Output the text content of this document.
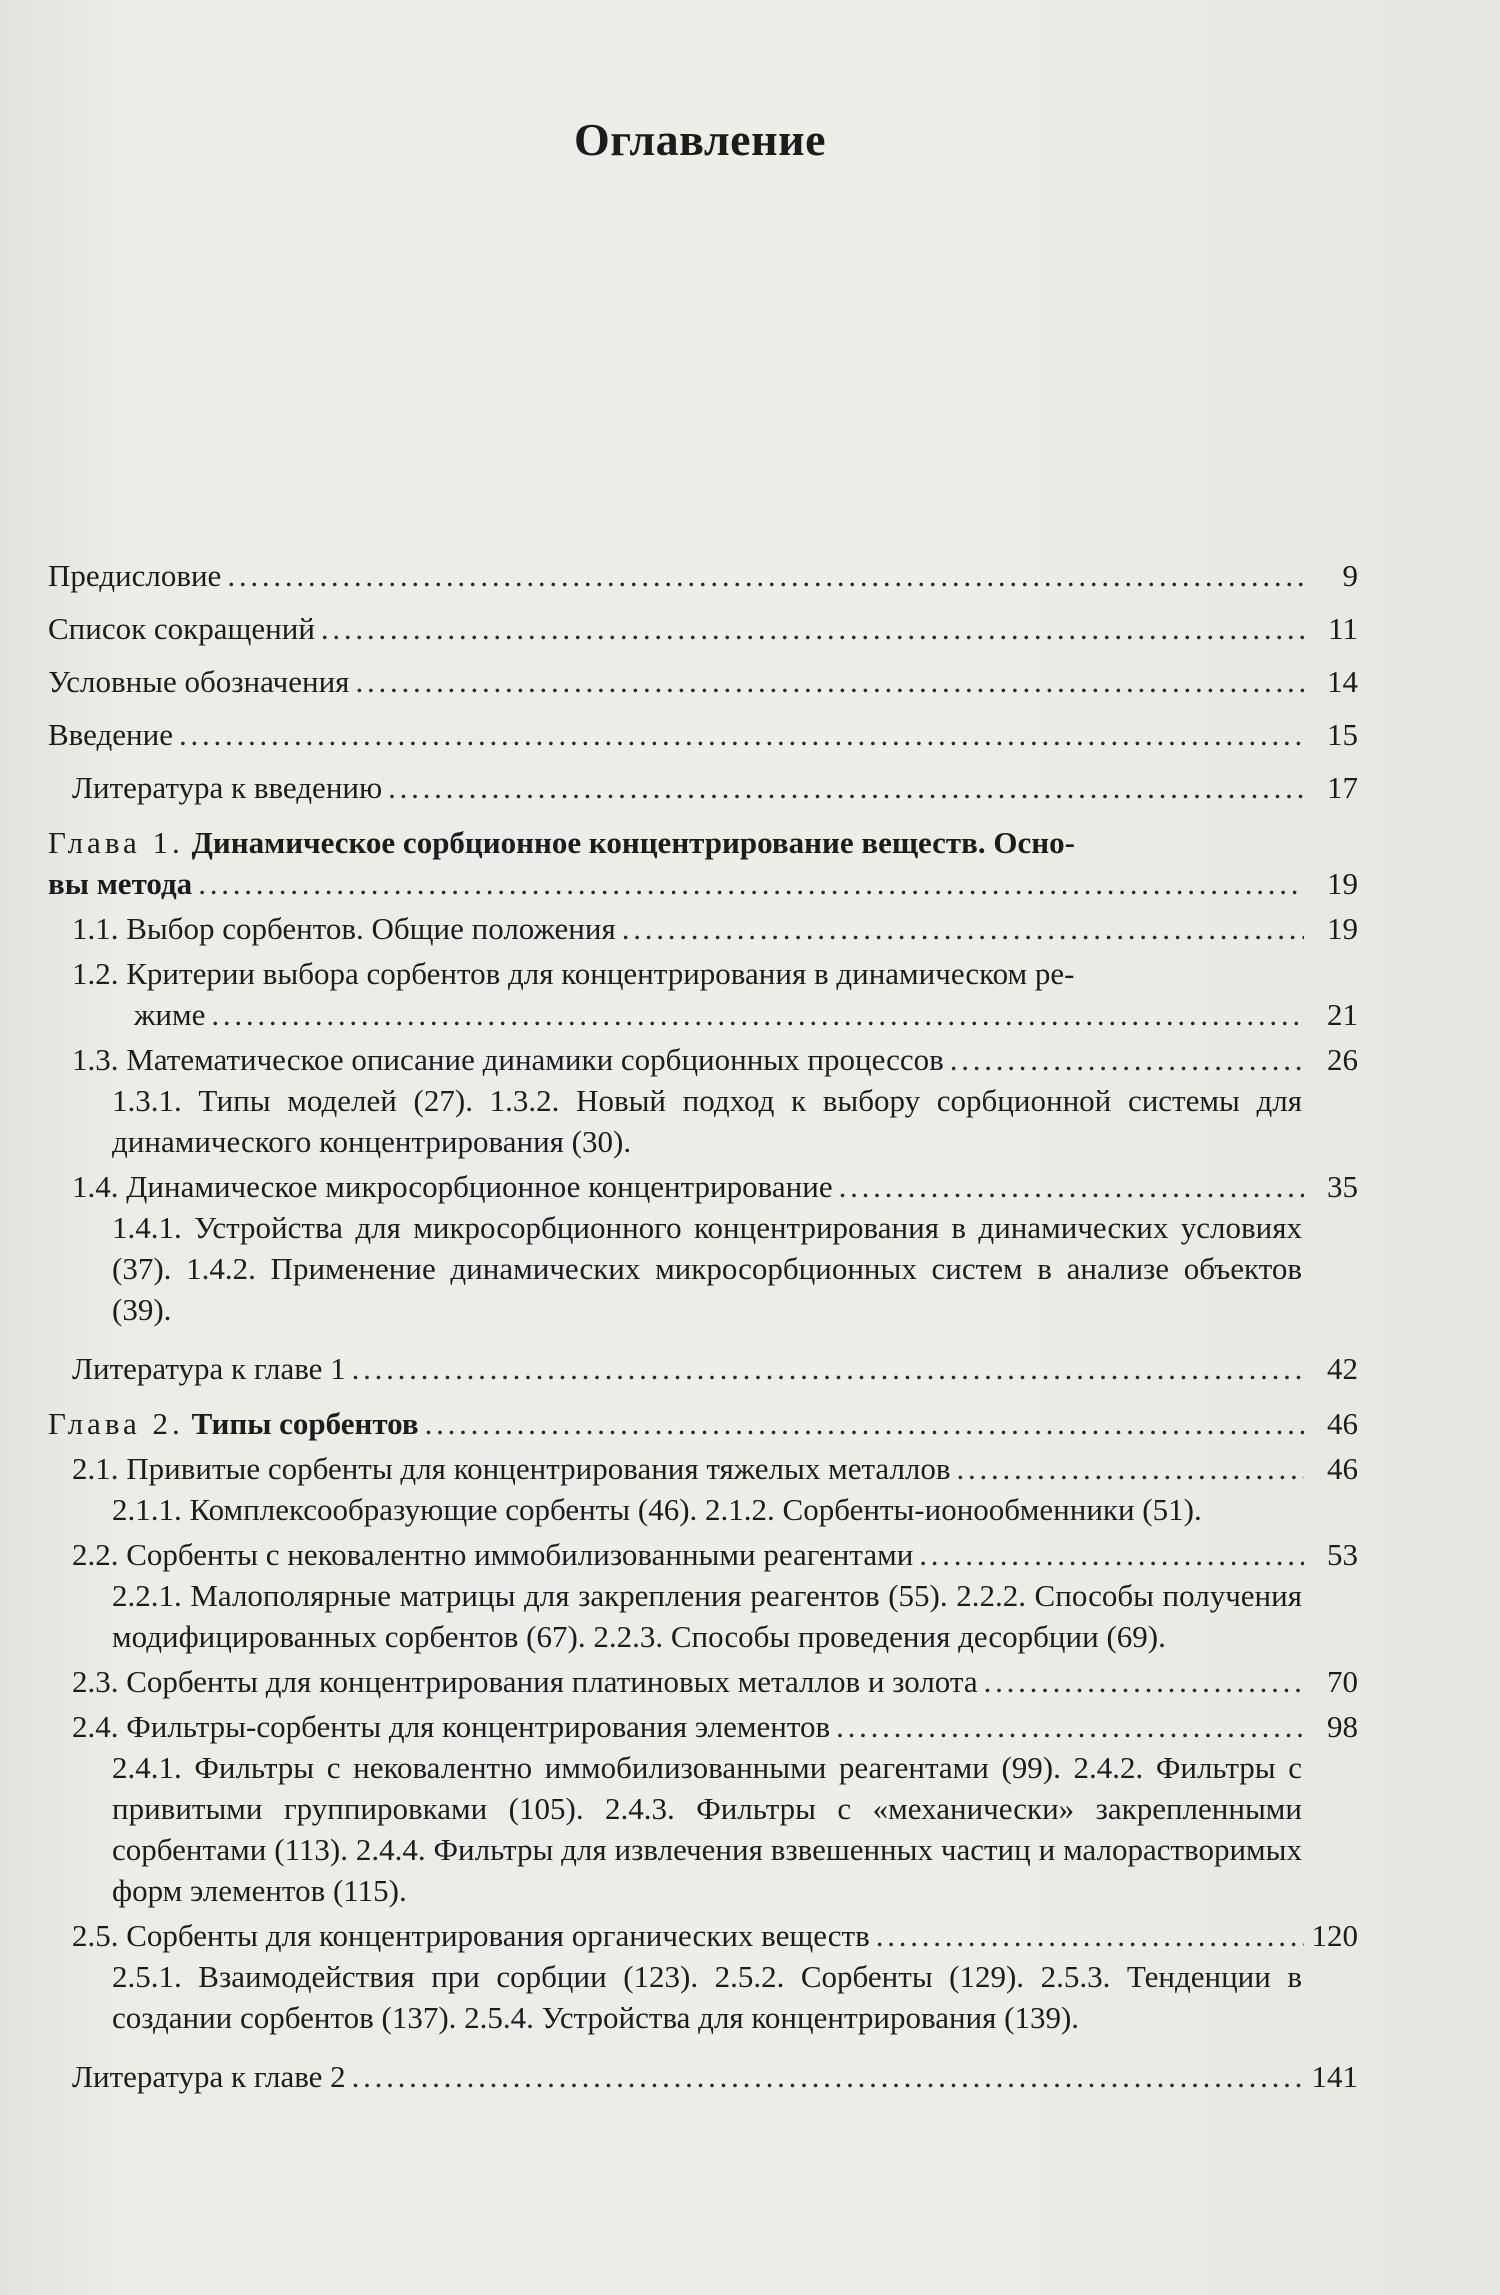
Оглавление
Предисловие . . .	9
Список сокращений . . .	11
Условные обозначения . . .	14
Введение . . .	15
Литература к введению . . .	17
Глава 1. Динамическое сорбционное концентрирование веществ. Осно-
вы метода . . .	19
1.1. Выбор сорбентов. Общие положения . . .	19
1.2. Критерии выбора сорбентов для концентрирования в динамическом ре-
жиме . . .	21
1.3. Математическое описание динамики сорбционных процессов . . .	26
1.3.1. Типы моделей (27). 1.3.2. Новый подход к выбору сорбционной системы для динамического концентрирования (30).
1.4. Динамическое микросорбционное концентрирование . . .	35
1.4.1. Устройства для микросорбционного концентрирования в динамических условиях (37). 1.4.2. Применение динамических микросорбционных систем в анализе объектов (39).
Литература к главе 1 . . .	42
Глава 2. Типы сорбентов . . .	46
2.1. Привитые сорбенты для концентрирования тяжелых металлов . . .	46
2.1.1. Комплексообразующие сорбенты (46). 2.1.2. Сорбенты-ионообменники (51).
2.2. Сорбенты с нековалентно иммобилизованными реагентами . . .	53
2.2.1. Малополярные матрицы для закрепления реагентов (55). 2.2.2. Способы получения модифицированных сорбентов (67). 2.2.3. Способы проведения десорбции (69).
2.3. Сорбенты для концентрирования платиновых металлов и золота . . .	70
2.4. Фильтры-сорбенты для концентрирования элементов . . .	98
2.4.1. Фильтры с нековалентно иммобилизованными реагентами (99). 2.4.2. Фильтры с привитыми группировками (105). 2.4.3. Фильтры с «механически» закрепленными сорбентами (113). 2.4.4. Фильтры для извлечения взвешенных частиц и малорастворимых форм элементов (115).
2.5. Сорбенты для концентрирования органических веществ . . .	120
2.5.1. Взаимодействия при сорбции (123). 2.5.2. Сорбенты (129). 2.5.3. Тенденции в создании сорбентов (137). 2.5.4. Устройства для концентрирования (139).
Литература к главе 2 . . .	141
